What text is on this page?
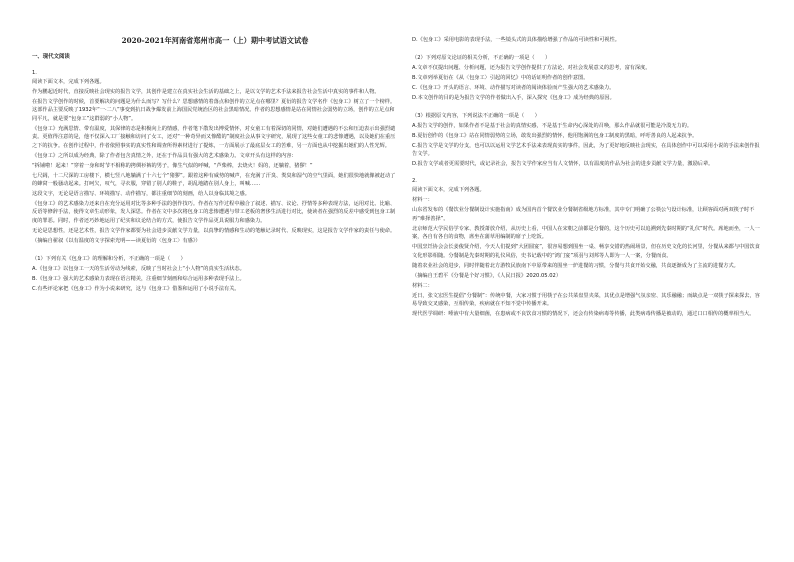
2020-2021年河南省郑州市高一（上）期中考试语文试卷
一、现代文阅读
1.
阅读下面文本，完成下列各题。
作为鹏起近时代，直接反映社会现实的报告文学，其创作是建立在真实社会生活的基础之上，是以文学的艺术手法来报告社会生活中真实的事件和人物。
在报告文学创作的时候，首要解决的问题是为什么而写？写什么？思想感情的着落点和创作的立足点在哪里？夏衍的报告文学名作《包身工》树立了一个榜样。这部作品主要反映了1932年“一·二八”事变到抗日战争爆发前上海国民党统治区的社会黑暗情况。作者的思想感情是站在同情社会弱势的立场，创作的立足点和同平凡，就是要“包身工”这群弱的“小人物”。
《包身工》充满思情、带有温度，其保律的态是积极向上的情感，作者笔下散发出博爱情怀，对女童工有着深切的同情，对她们遭遇的不公和压迫表示出强烈谴责。更值得注意的是，他不仅深入工厂接触和访问了女工，还对“一种奇异而又惨酷的”制度社会从事文字研究，展现了这些女童工的悲惨遭遇，以及她们在重压之下的抗争。在创作过程中，作者依照事实的真实性和调查所得素材进行了提炼，一方面展示了最底层女工的苦难，另一方面也从中挖掘出她们的人性光辉。
《包身工》之所以成为经典，除了作者包含真情之外，还在于作品具有强大的艺术感染力。文章开头有这样的内容：
“拆铺啦！起来！”穿着一身和时节不相称的拷绸衫裤的男子，像生气似的呼喊，“芦柴棒，去烧火！妈的，还躺着，猪猡！”
七尺阔，十二尺深的工房楼下，横七竖八地躺满了十六七个“猪猡”。跟着这种有威势的喊声，在充满了汗臭、粪臭和湿气的空气里面，她们很快地就像被赶动了的蜂窝一般骚动起来。打呵欠，叹气，寻衣服，穿错了别人的鞋子，胡乱地踏在别人身上，叫喊……
这段文字，无论是语言描写、环境描写、动作描写，都注重细节的刻画，给人以身临其境之感。
《包身工》的艺术感染力还来自在充分运用对比等多种手法的创作技巧。作者在写作过程中融合了叙述、描写、议论、抒情等多种表现方法，运用对比、比喻、反语等修辞手法，使得文章生动形象，发人深思。作者在文中多次将包身工的悲惨遭遇与带工老板的奢侈生活进行对比，使读者在强烈的反差中感受到包身工制度的罪恶。同时，作者还巧妙地运用了纪实和议论结合的方式，使报告文学作品更具说服力和感染力。
无论是思想性，还是艺术性，报告文学作家都要为社会进步贡献文学力量，以真挚的情感和生动的笔触记录时代、反映现实，这是报告文学作家的责任与使命。
（摘编自翟叙《以有温度的文字探索光明——读夏衍的〈包身工〉有感》）
（1）下列有关《包身工》的理解和分析，不正确的一项是（　　）
A.《包身工》以包身工一天的生活劳动为线索，反映了当时社会上“小人物”的真实生活状态。
B.《包身工》强大的艺术感染力表现在语言精美，注重细节刻画和综合运用多种表现手法上。
C.有些评论家把《包身工》作为小说来研究，这与《包身工》借鉴和运用了小说手法有关。
D.《包身工》采用电影的表现手法，一些镜头式的具体描绘增强了作品的可读性和可视性。
（2）下列对原文论证的相关分析，不正确的一项是（　　）
A.文章不仅提出问题、分析问题，还为报告文学创作提供了方法论，对社会发展意义的思考，富有深度。
B.文章列举夏衍在《从〈包身工〉引起的回忆》中的话证明作者的创作意图。
C.《包身工》开头的语言、环境、动作描写对读者的阅读体验而产生强大的艺术感染力。
D.本文创作的目的是为报告文学的作者做出入手，深入探究《包身工》成为经典的原因。
（3）根据原文内容，下列说法不正确的一项是（　　）
A.报告文学的创作，如果作者不是基于社会的真情实感，不是基于生命内心深处的召唤，那么作品就很可能是冷漠无力的。
B.夏衍创作的《包身工》站在同情弱势的立场，敢发出强烈的情怀，他用饱满的包身工制度的黑暗，呼吁善良的人起来抗争。
C.报告文学是文学的分支，也可以以运用文学艺术手法来表现真实的事件，因此，为了更好地反映社会现实，在具体创作中可以采用小说的手法来创作报告文学。
D.报告文学或者更需要时代，或记录社会，报告文学作家应当有人文情怀，以有温度的作品为社会的进步贡献文学力量，激励后辈。
2.
阅读下面文本，完成下列各题。
材料一：
山东省发布的《餐饮业分餐制设计实施指南》成为国内首个餐饮业分餐制省级地方标准，其中专门明确了公筷公勺设计标准，让顾客面对两双筷子时不再“难择善择”。
北京师范大学民俗学专家、教授萧放介绍，从历史上看，中国人在宋朝之前都是分餐的，这个历史可以追溯到先秦时期的“礼仪”时代。席地而坐，一人一案，各自有各自的食物，席坐在蒲草用编制的席子上吃饭。
中国烹饪协会会长姜俊贤介绍，今天人们提到“大团圆宴”，很容易想到围坐一桌、畅享交错的热闹场景，但在历史文化的长河里，分餐从来都与中国饮食文化形影相随。分餐制是先秦时期的礼仪风俗，史书记载中的“鸿门宴”项羽与刘邦等人即为一人一案，分餐而食。
随着农业社会的进步，同时伴随着北方游牧民族南下中原带来的围坐一炉进餐的习惯，分餐与共食开始交融，共食逐渐成为了主流的进餐方式。
（摘编自王碧平《分餐是个好习惯》，《人民日报》2020.05.02）
材料二：
近日，张文宏医生提倡“分餐制”：传统中餐，大家习惯于用筷子在公共菜盘里夹菜，其优点是增强气氛亲密、其乐融融；而缺点是一双筷子探来探去，容易导致交叉感染，互相传染，疾病就在不知不觉中传播开来。
现代医学调研：唾液中有大量细菌，在患病或不良饮食习惯的情况下，还会有传染病毒等传播，此类病毒传播是被动的，通过口口相传的概率相当大。
